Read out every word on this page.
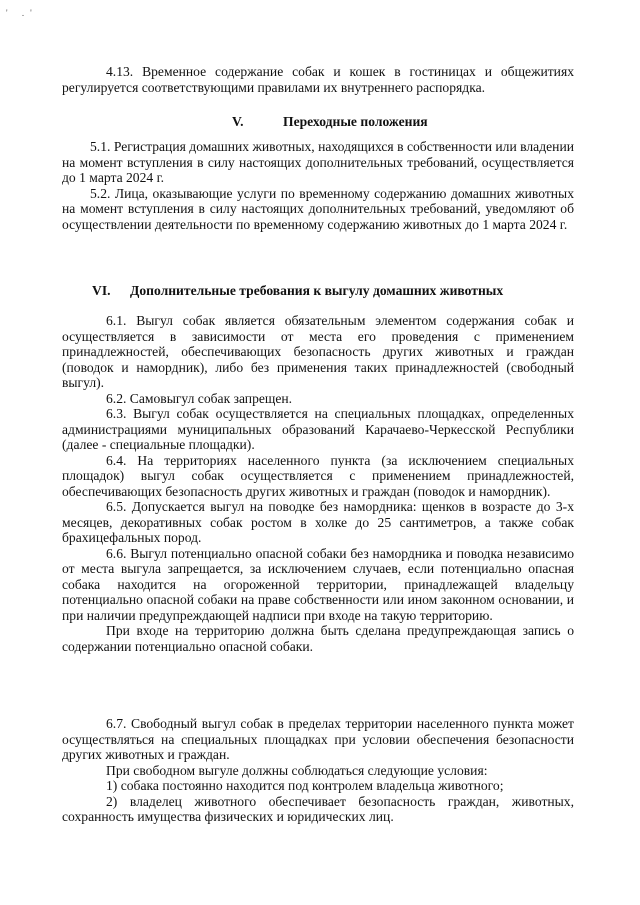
' .'

4.13. Временное содержание собак и кошек в гостиницах и общежитиях регулируется соответствующими правилами их внутреннего распорядка.

V.	Переходные положения

5.1. Регистрация домашних животных, находящихся в собственности или владении на момент вступления в силу настоящих дополнительных требований, осуществляется до 1 марта 2024 г.

5.2. Лица, оказывающие услуги по временному содержанию домашних животных на момент вступления в силу настоящих дополнительных требований, уведомляют об осуществлении деятельности по временному содержанию животных до 1 марта 2024 г.

VI. Дополнительные требования к выгулу домашних животных

6.1. Выгул собак является обязательным элементом содержания собак и осуществляется в зависимости от места его проведения с применением принадлежностей, обеспечивающих безопасность других животных и граждан (поводок и намордник), либо без применения таких принадлежностей (свободный выгул).

6.2. Самовыгул собак запрещен.

6.3. Выгул собак осуществляется на специальных площадках, определенных администрациями муниципальных образований Карачаево-Черкесской Республики (далее - специальные площадки).

6.4. На территориях населенного пункта (за исключением специальных площадок) выгул собак осуществляется с применением принадлежностей, обеспечивающих безопасность других животных и граждан (поводок и намордник).

6.5. Допускается выгул на поводке без намордника: щенков в возрасте до 3-х месяцев, декоративных собак ростом в холке до 25 сантиметров, а также собак брахицефальных пород.

6.6. Выгул потенциально опасной собаки без намордника и поводка независимо от места выгула запрещается, за исключением случаев, если потенциально опасная собака находится на огороженной территории, принадлежащей владельцу потенциально опасной собаки на праве собственности или ином законном основании, и при наличии предупреждающей надписи при входе на такую территорию.

При входе на территорию должна быть сделана предупреждающая запись о содержании потенциально опасной собаки.

6.7. Свободный выгул собак в пределах территории населенного пункта может осуществляться на специальных площадках при условии обеспечения безопасности других животных и граждан.

При свободном выгуле должны соблюдаться следующие условия:

1) собака постоянно находится под контролем владельца животного;

2) владелец животного обеспечивает безопасность граждан, животных, сохранность имущества физических и юридических лиц.
